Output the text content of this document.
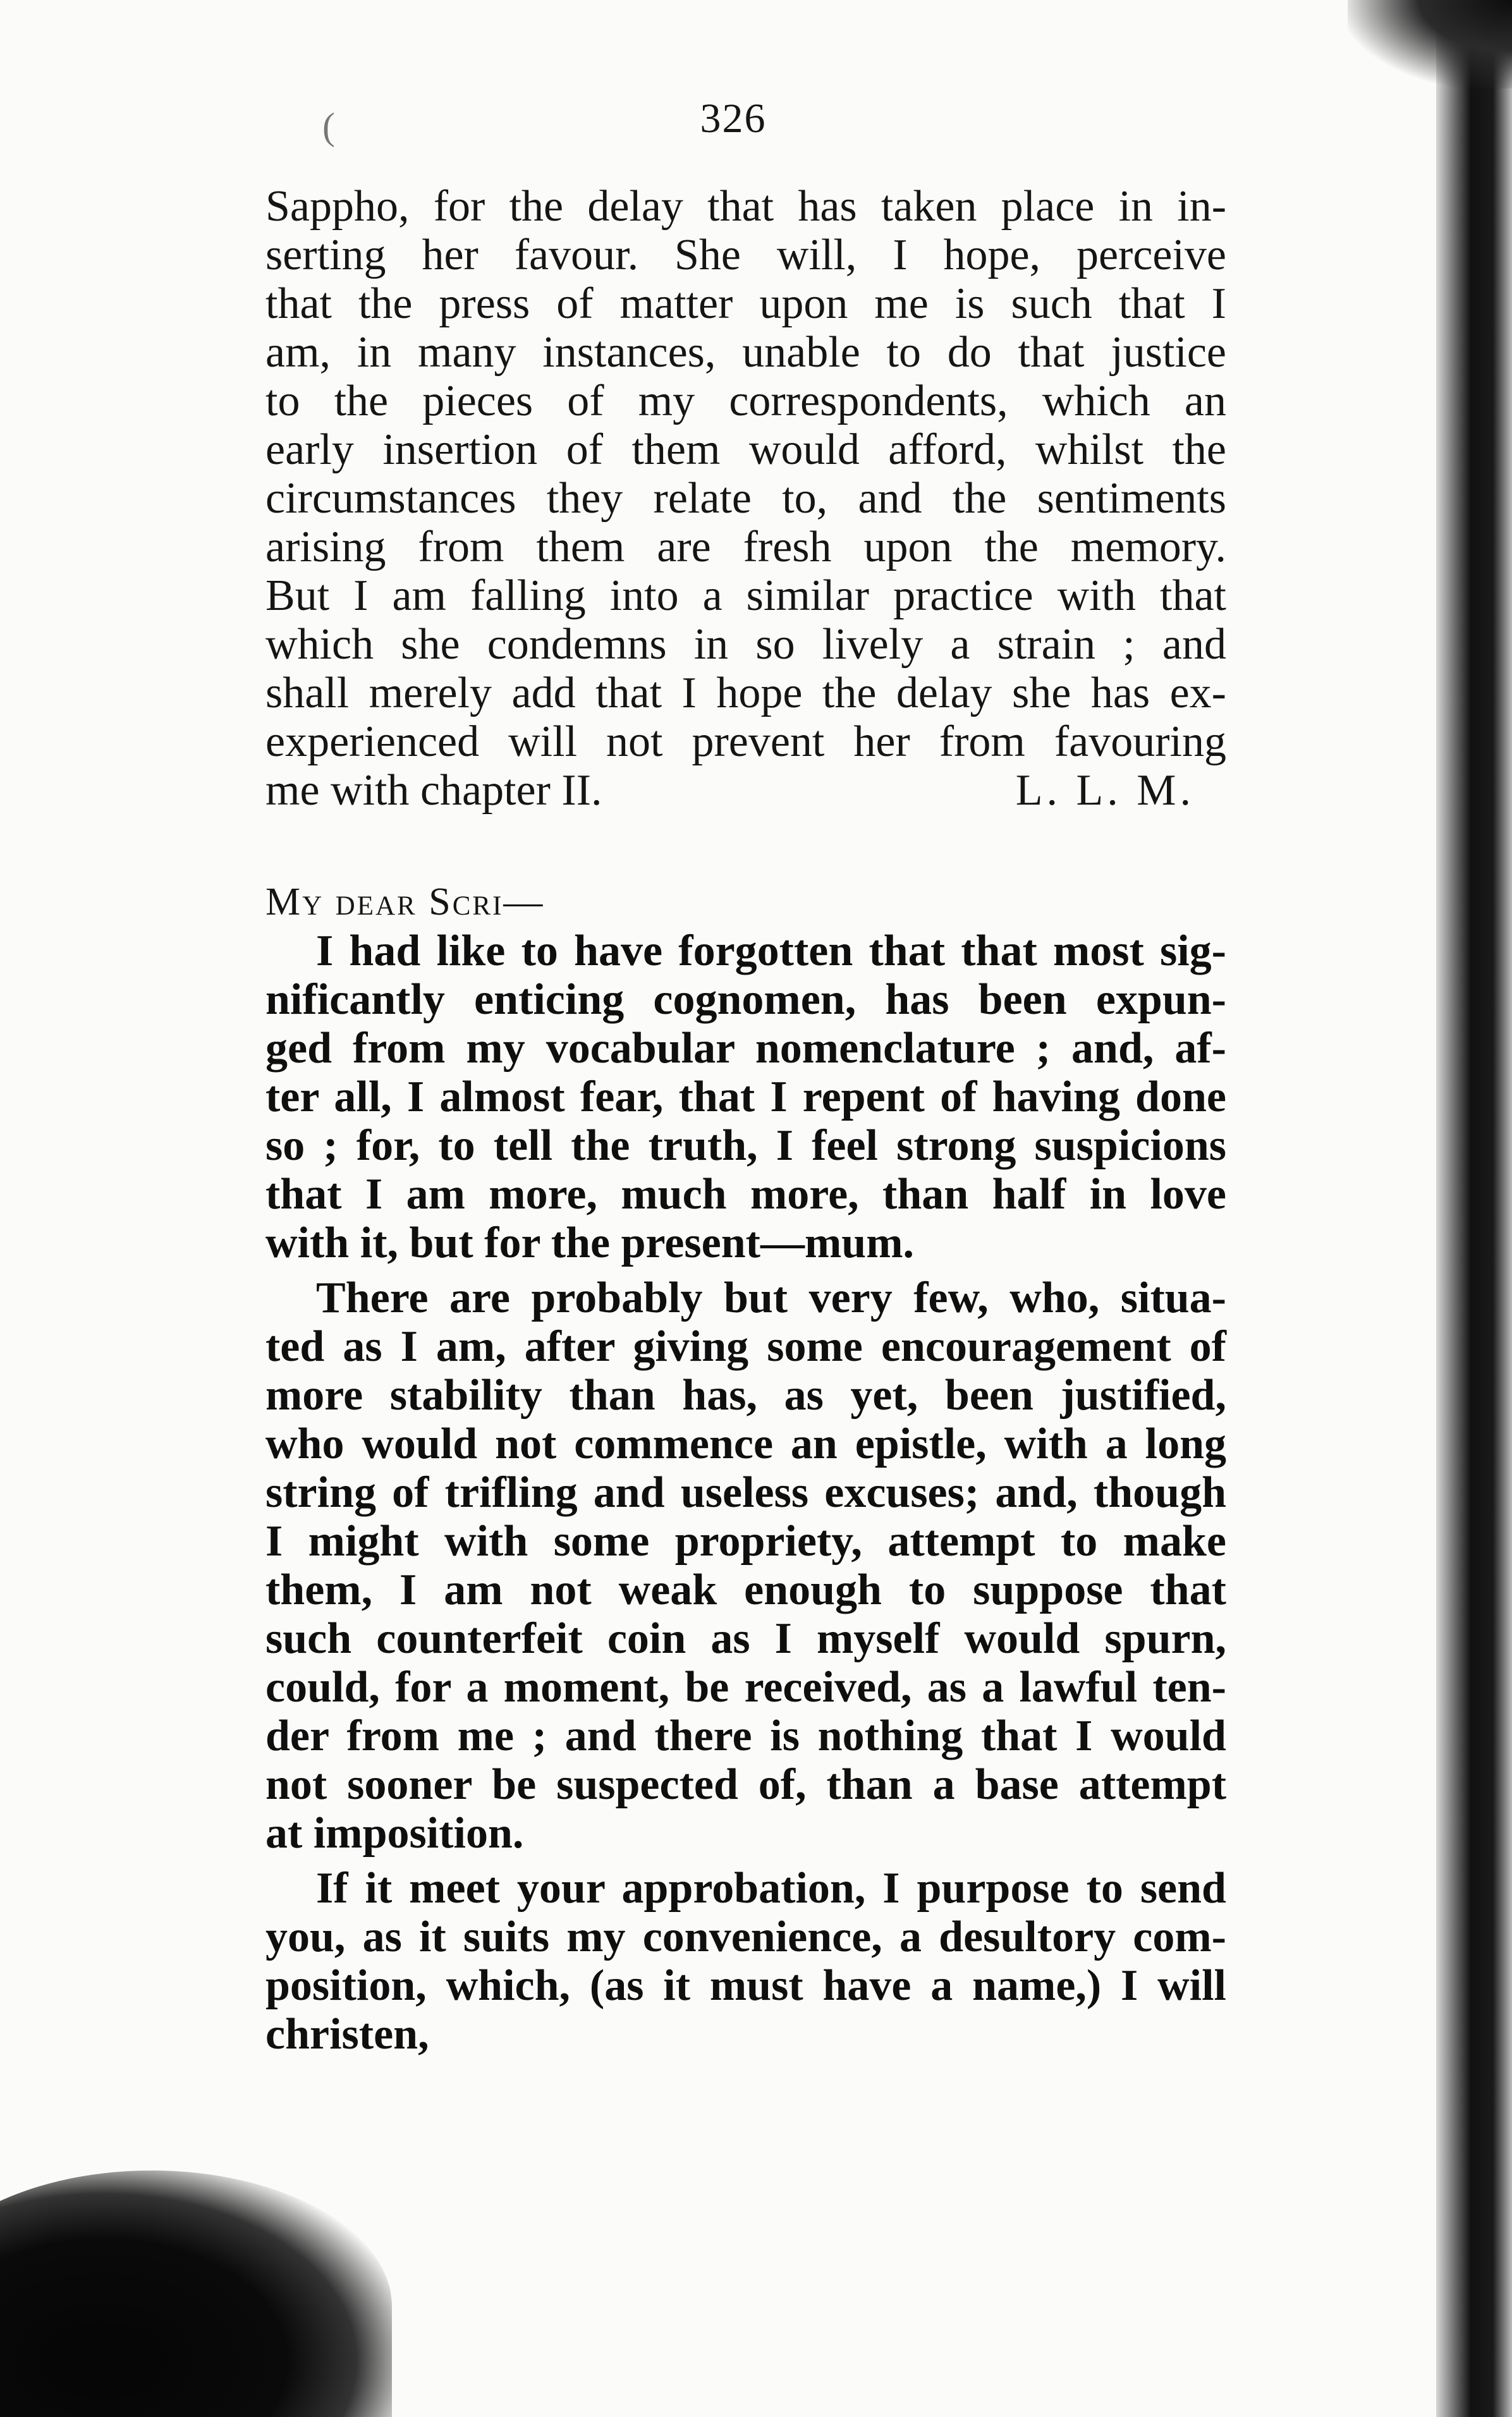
(	326
Sappho, for the delay that has taken place in in-
serting her favour. She will, I hope, perceive
that the press of matter upon me is such that I
am, in many instances, unable to do that justice
to the pieces of my correspondents, which an
early insertion of them would afford, whilst the
circumstances they relate to, and the sentiments
arising from them are fresh upon the memory.
But I am falling into a similar practice with that
which she condemns in so lively a strain ; and
shall merely add that I hope the delay she has ex-
experienced will not prevent her from favouring
me with chapter II.	L. L. M.
My dear Scri—
I had like to have forgotten that that most sig-
nificantly enticing cognomen, has been expun-
ged from my vocabular nomenclature ; and, af-
ter all, I almost fear, that I repent of having done
so ; for, to tell the truth, I feel strong suspicions
that I am more, much more, than half in love
with it, but for the present—mum.
There are probably but very few, who, situa-
ted as I am, after giving some encouragement of
more stability than has, as yet, been justified,
who would not commence an epistle, with a long
string of trifling and useless excuses; and, though
I might with some propriety, attempt to make
them, I am not weak enough to suppose that
such counterfeit coin as I myself would spurn,
could, for a moment, be received, as a lawful ten-
der from me ; and there is nothing that I would
not sooner be suspected of, than a base attempt
at imposition.
If it meet your approbation, I purpose to send
you, as it suits my convenience, a desultory com-
position, which, (as it must have a name,) I will
christen,
